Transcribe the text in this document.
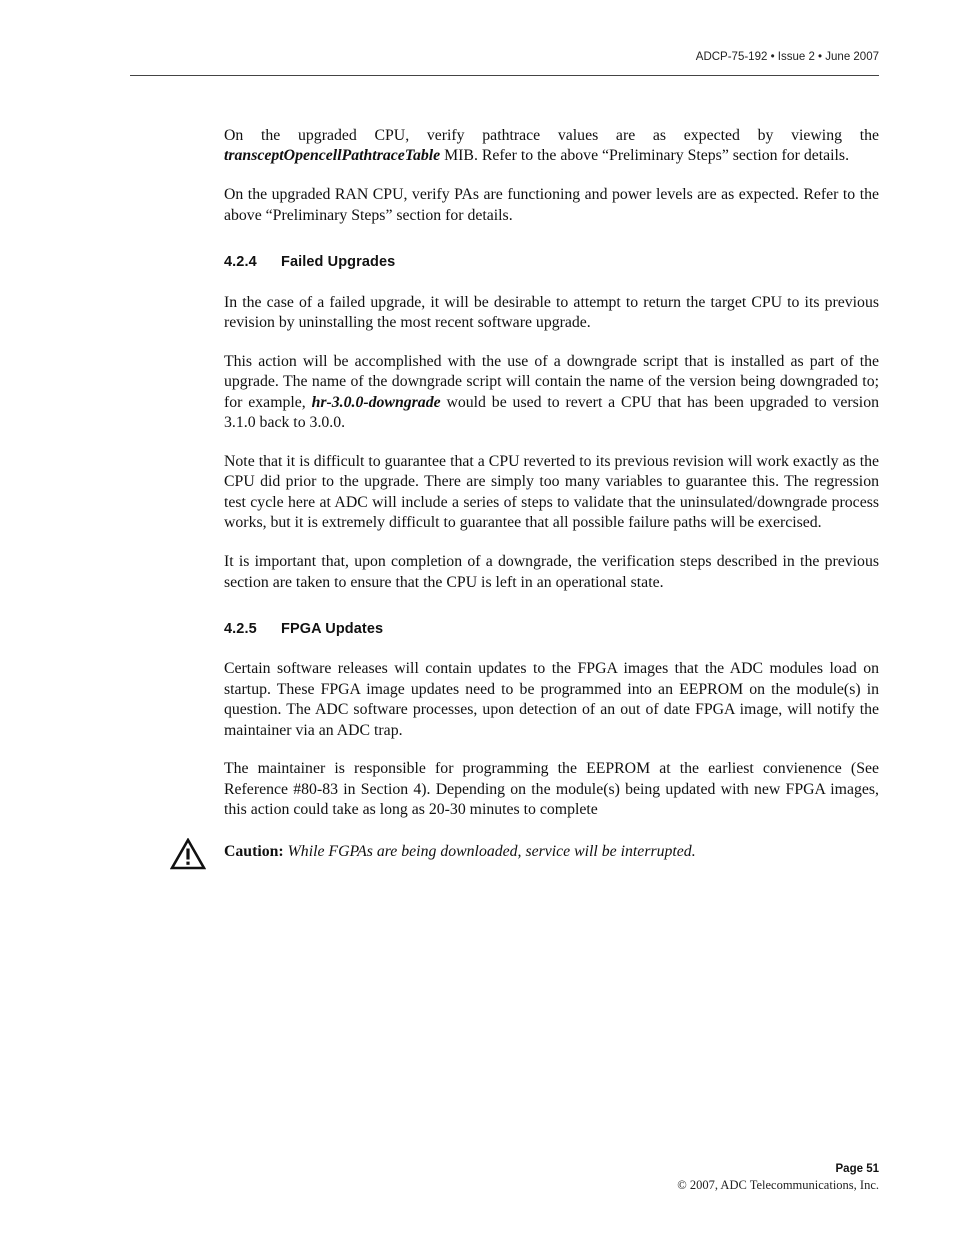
ADCP-75-192 • Issue 2 • June 2007

On the upgraded CPU, verify pathtrace values are as expected by viewing the transceptOpencellPathtraceTable MIB. Refer to the above “Preliminary Steps” section for details.

On the upgraded RAN CPU, verify PAs are functioning and power levels are as expected. Refer to the above “Preliminary Steps” section for details.

4.2.4 Failed Upgrades

In the case of a failed upgrade, it will be desirable to attempt to return the target CPU to its previous revision by uninstalling the most recent software upgrade.

This action will be accomplished with the use of a downgrade script that is installed as part of the upgrade. The name of the downgrade script will contain the name of the version being downgraded to; for example, hr-3.0.0-downgrade would be used to revert a CPU that has been upgraded to version 3.1.0 back to 3.0.0.

Note that it is difficult to guarantee that a CPU reverted to its previous revision will work exactly as the CPU did prior to the upgrade. There are simply too many variables to guarantee this. The regression test cycle here at ADC will include a series of steps to validate that the uninsulated/downgrade process works, but it is extremely difficult to guarantee that all possible failure paths will be exercised.

It is important that, upon completion of a downgrade, the verification steps described in the previous section are taken to ensure that the CPU is left in an operational state.

4.2.5 FPGA Updates

Certain software releases will contain updates to the FPGA images that the ADC modules load on startup. These FPGA image updates need to be programmed into an EEPROM on the module(s) in question. The ADC software processes, upon detection of an out of date FPGA image, will notify the maintainer via an ADC trap.

The maintainer is responsible for programming the EEPROM at the earliest convienence (See Reference #80-83 in Section 4). Depending on the module(s) being updated with new FPGA images, this action could take as long as 20-30 minutes to complete

Caution: While FGPAs are being downloaded, service will be interrupted.
Page 51
© 2007, ADC Telecommunications, Inc.
